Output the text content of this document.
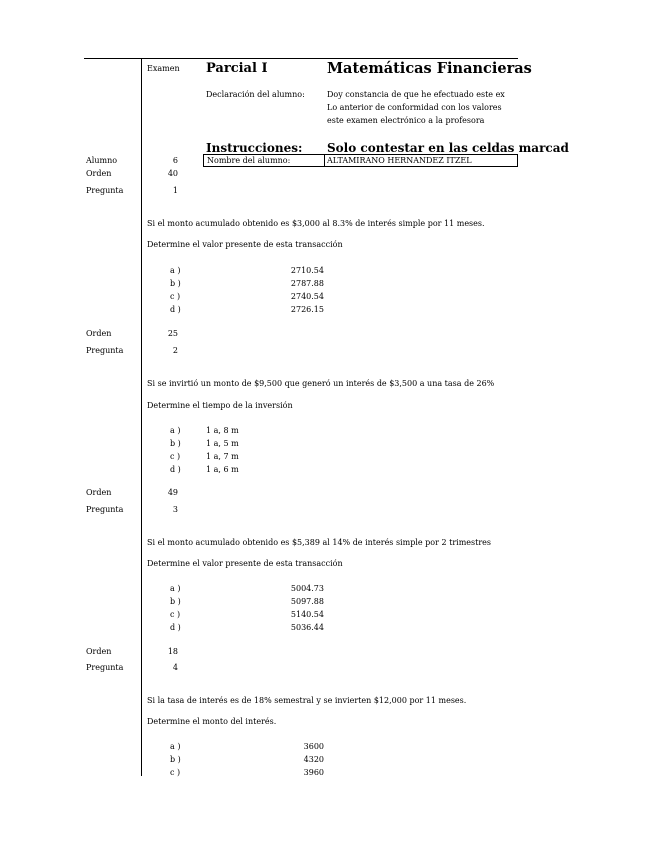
Examen Parcial I	Matemáticas Financieras
Declaración del alumno:	Doy constancia de que he efectuado este ex
Lo anterior de conformidad con los valores
este examen electrónico a la profesora
Instrucciones: Solo contestar en las celdas marcad
Alumno	6	Nombre del alumno:	ALTAMIRANO HERNANDEZ ITZEL
Orden	40
Pregunta	1
Si el monto acumulado obtenido es $3,000 al 8.3% de interés simple por 11 meses.
Determine el valor presente de esta transacción
a )	2710.54
b )	2787.88
c )	2740.54
d )	2726.15
Orden	25
Pregunta	2
Si se invirtió un monto de $9,500 que generó un interés de $3,500 a una tasa de 26%
Determine el tiempo de la inversión
a )	1 a, 8 m
b )	1 a, 5 m
c )	1 a, 7 m
d )	1 a, 6 m
Orden	49
Pregunta	3
Si el monto acumulado obtenido es $5,389 al 14% de interés simple por 2 trimestres
Determine el valor presente de esta transacción
a )	5004.73
b )	5097.88
c )	5140.54
d )	5036.44
Orden	18
Pregunta	4
Si la tasa de interés es de 18% semestral y se invierten $12,000 por 11 meses.
Determine el monto del interés.
a )	3600
b )	4320
c )	3960
